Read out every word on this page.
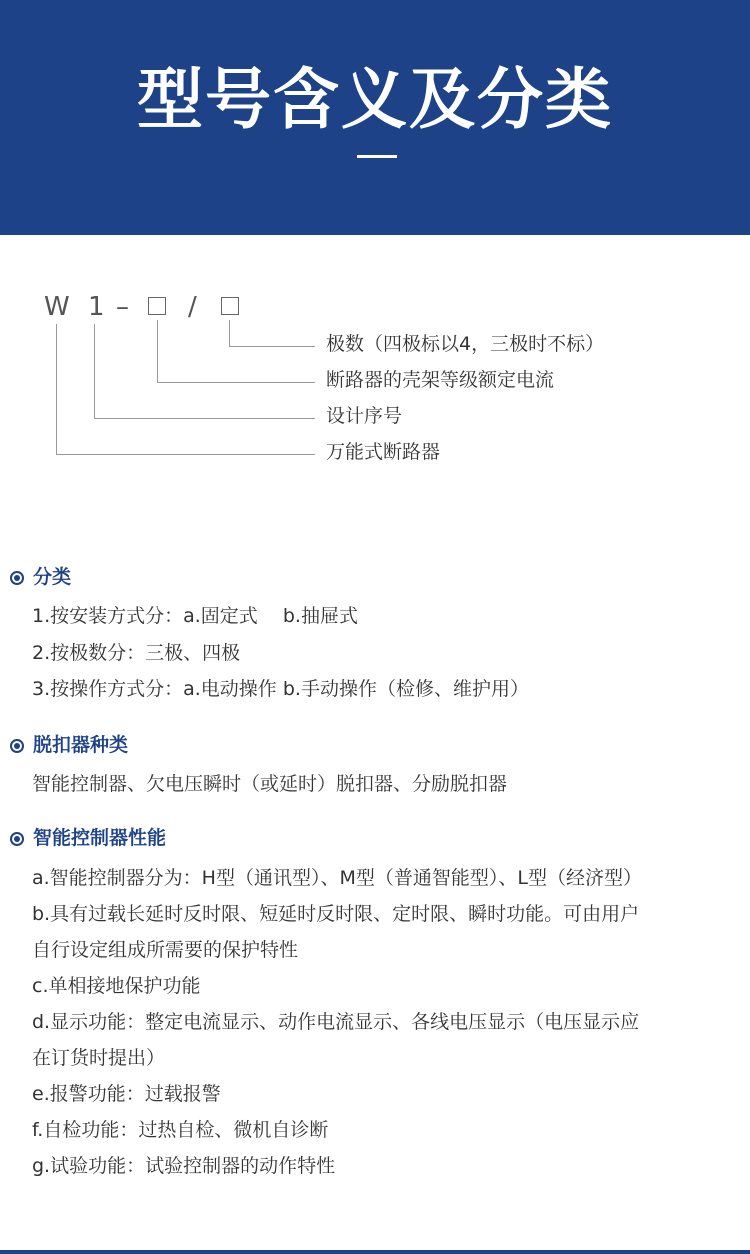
型号含义及分类
W 1 – /
极数（四极标以4，三极时不标）
断路器的壳架等级额定电流
设计序号
万能式断路器
分类
1.按安装方式分：a.固定式　 b.抽屉式
2.按极数分：三极、四极
3.按操作方式分：a.电动操作 b.手动操作（检修、维护用）
脱扣器种类
智能控制器、欠电压瞬时（或延时）脱扣器、分励脱扣器
智能控制器性能
a.智能控制器分为：H型（通讯型）、M型（普通智能型）、L型（经济型）
b.具有过载长延时反时限、短延时反时限、定时限、瞬时功能。可由用户
自行设定组成所需要的保护特性
c.单相接地保护功能
d.显示功能：整定电流显示、动作电流显示、各线电压显示（电压显示应
在订货时提出）
e.报警功能：过载报警
f.自检功能：过热自检、微机自诊断
g.试验功能：试验控制器的动作特性
